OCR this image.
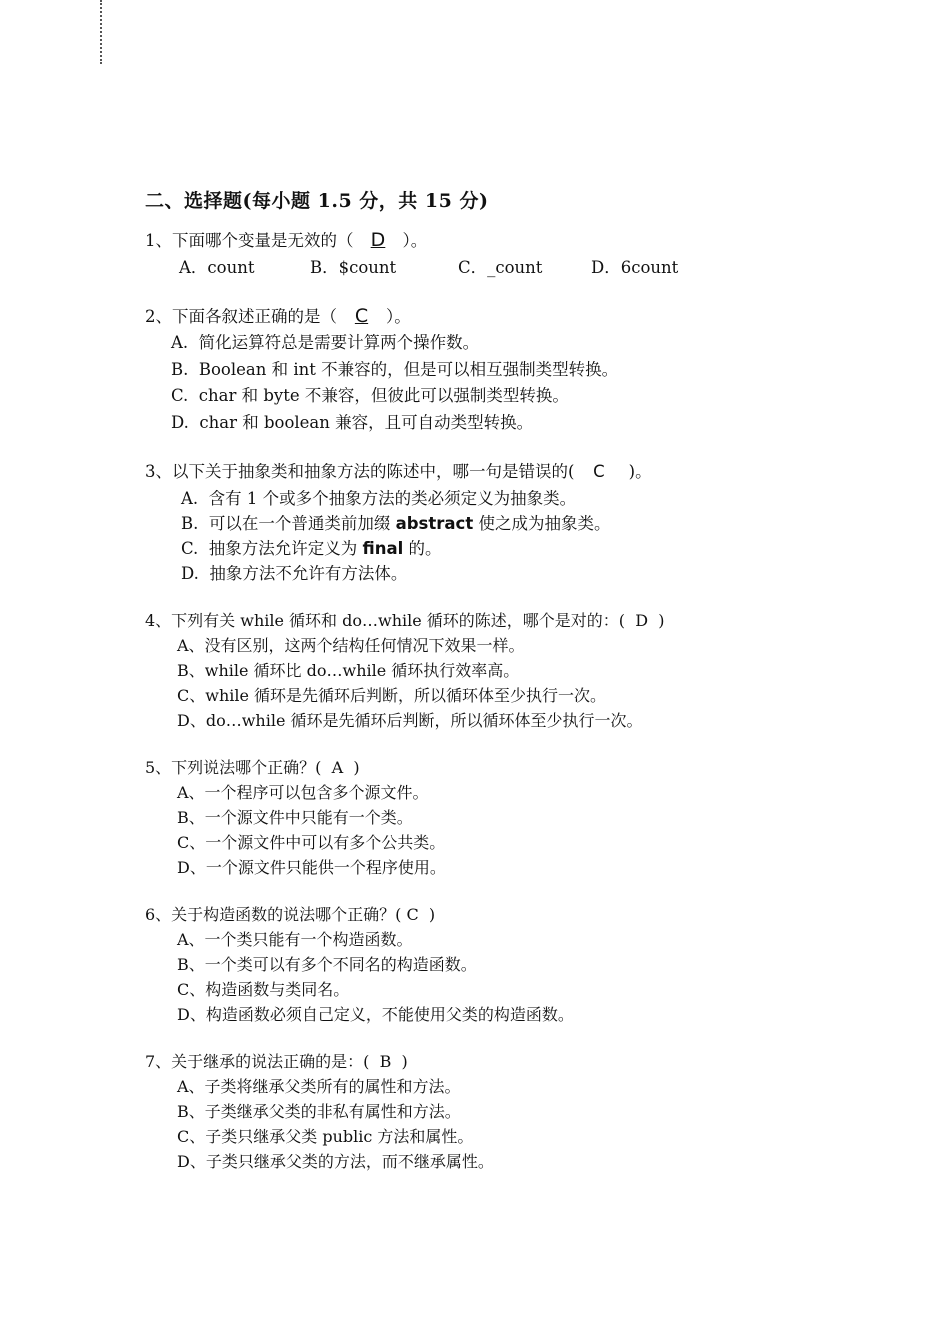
二、选择题(每小题 1.5 分，共 15 分)
1、下面哪个变量是无效的（  D  ）。
A．count	B．$count	C．_count	D．6count
2、下面各叙述正确的是（  C  ）。
A.  简化运算符总是需要计算两个操作数。
B.  Boolean 和 int 不兼容的，但是可以相互强制类型转换。
C.  char 和 byte 不兼容，但彼此可以强制类型转换。
D.  char 和 boolean 兼容，且可自动类型转换。
3、以下关于抽象类和抽象方法的陈述中，哪一句是错误的(  C   )。
A.  含有 1 个或多个抽象方法的类必须定义为抽象类。
B.  可以在一个普通类前加缀 abstract 使之成为抽象类。
C.  抽象方法允许定义为 final 的。
D.  抽象方法不允许有方法体。
4、下列有关 while 循环和 do…while 循环的陈述，哪个是对的：(  D  )
A、没有区别，这两个结构任何情况下效果一样。
B、while 循环比 do…while 循环执行效率高。
C、while 循环是先循环后判断，所以循环体至少执行一次。
D、do…while 循环是先循环后判断，所以循环体至少执行一次。
5、下列说法哪个正确？(  A  )
A、一个程序可以包含多个源文件。
B、一个源文件中只能有一个类。
C、一个源文件中可以有多个公共类。
D、一个源文件只能供一个程序使用。
6、关于构造函数的说法哪个正确？( C  )
A、一个类只能有一个构造函数。
B、一个类可以有多个不同名的构造函数。
C、构造函数与类同名。
D、构造函数必须自己定义，不能使用父类的构造函数。
7、关于继承的说法正确的是：(  B  )
A、子类将继承父类所有的属性和方法。
B、子类继承父类的非私有属性和方法。
C、子类只继承父类 public 方法和属性。
D、子类只继承父类的方法，而不继承属性。
